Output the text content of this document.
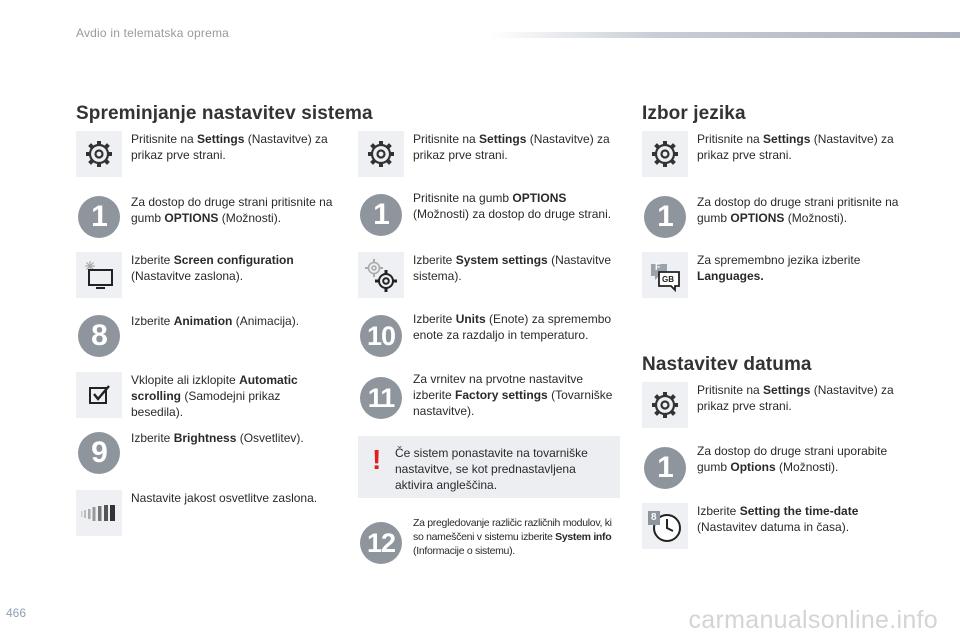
Avdio in telematska oprema
Spreminjanje nastavitev sistema	Izbor jezika
Nastavitev datuma
Pritisnite na Settings (Nastavitve) za prikaz prve strani.
1	Za dostop do druge strani pritisnite na gumb OPTIONS (Možnosti).
Izberite Screen configuration (Nastavitve zaslona).
8	Izberite Animation (Animacija).
Vklopite ali izklopite Automatic scrolling (Samodejni prikaz besedila).
9	Izberite Brightness (Osvetlitev).
Nastavite jakost osvetlitve zaslona.
Pritisnite na Settings (Nastavitve) za prikaz prve strani.
1	Pritisnite na gumb OPTIONS (Možnosti) za dostop do druge strani.
Izberite System settings (Nastavitve sistema).
10
Izberite Units (Enote) za spremembo enote za razdaljo in temperaturo.
11
Za vrnitev na prvotne nastavitve izberite Factory settings (Tovarniške nastavitve).
! Če sistem ponastavite na tovarniške nastavitve, se kot prednastavljena aktivira angleščina.
12
Za pregledovanje različic različnih modulov, ki so nameščeni v sistemu izberite System info (Informacije o sistemu).
Pritisnite na Settings (Nastavitve) za prikaz prve strani.
1	Za dostop do druge strani pritisnite na gumb OPTIONS (Možnosti).
F
GB
Za spremembno jezika izberite Languages.
Pritisnite na Settings (Nastavitve) za prikaz prve strani.
1	Za dostop do druge strani uporabite gumb Options (Možnosti).
8	Izberite Setting the time-date (Nastavitev datuma in časa).
466	carmanualsonline.info
